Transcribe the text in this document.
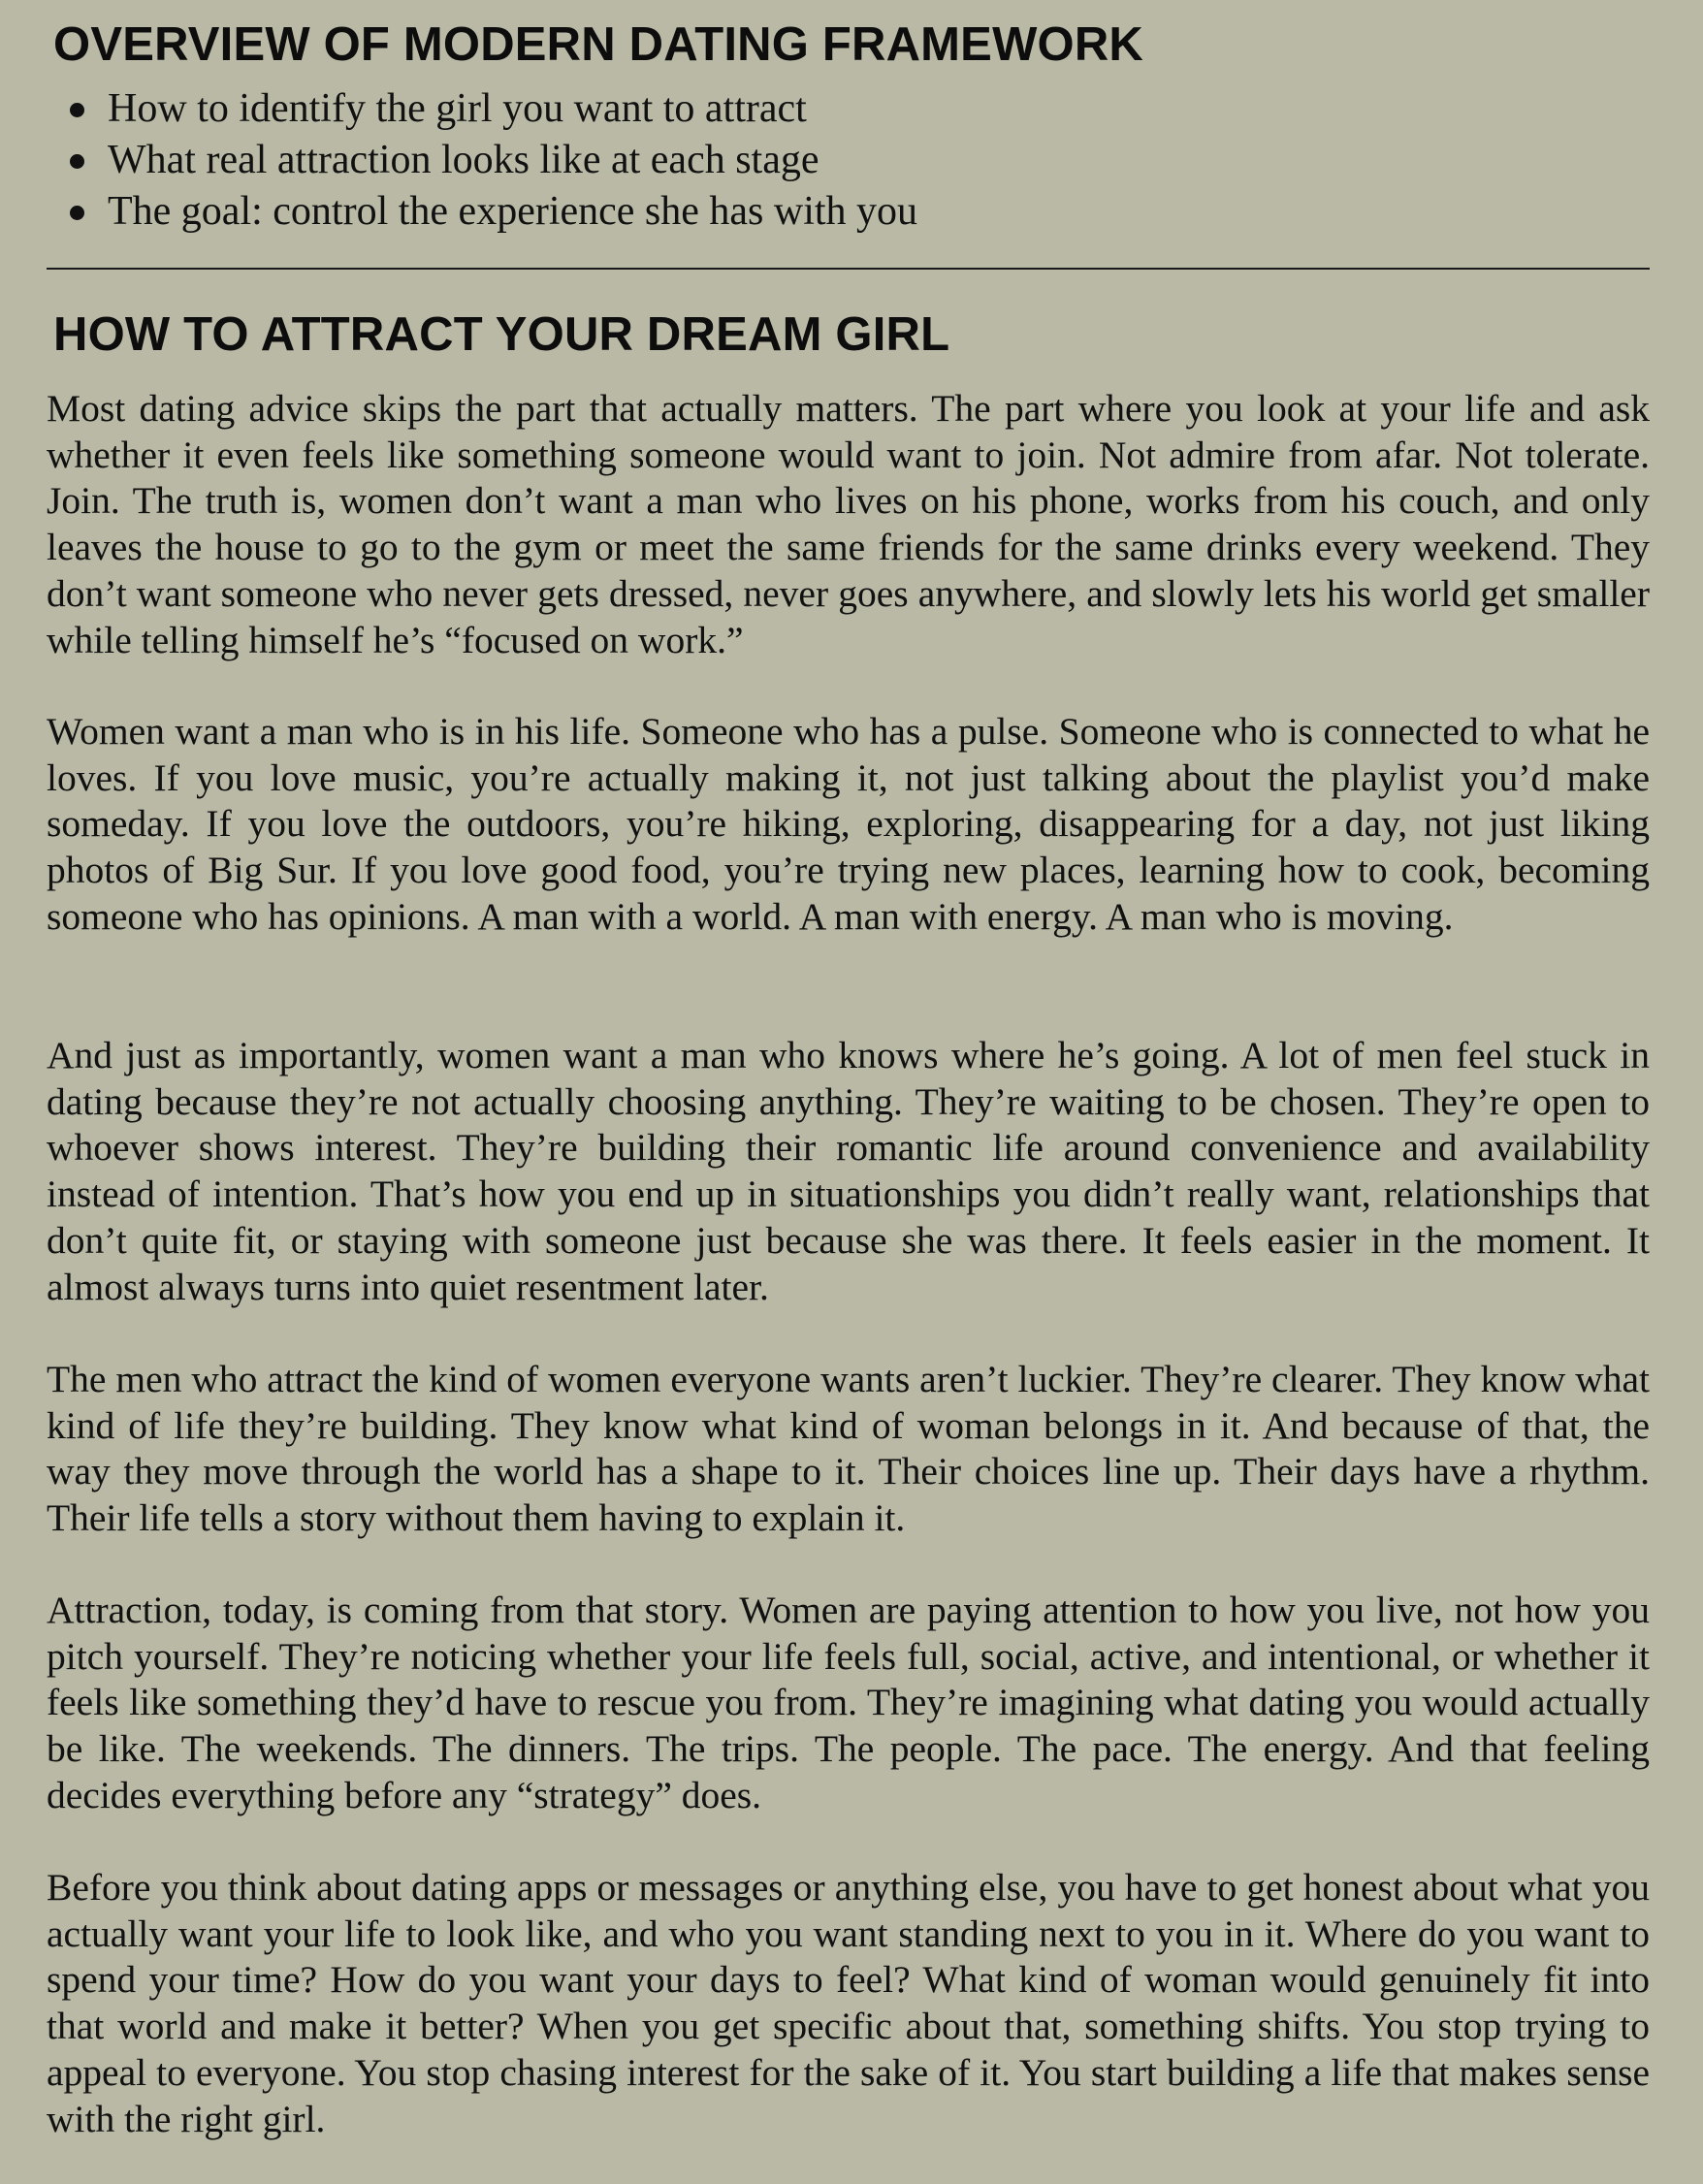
OVERVIEW OF MODERN DATING FRAMEWORK
How to identify the girl you want to attract
What real attraction looks like at each stage
The goal: control the experience she has with you
HOW TO ATTRACT YOUR DREAM GIRL

Most dating advice skips the part that actually matters. The part where you look at your life and ask whether it even feels like something someone would want to join. Not admire from afar. Not tolerate. Join. The truth is, women don’t want a man who lives on his phone, works from his couch, and only leaves the house to go to the gym or meet the same friends for the same drinks every weekend. They don’t want someone who never gets dressed, never goes anywhere, and slowly lets his world get smaller while telling himself he’s “focused on work.”

Women want a man who is in his life. Someone who has a pulse. Someone who is connected to what he loves. If you love music, you’re actually making it, not just talking about the playlist you’d make someday. If you love the outdoors, you’re hiking, exploring, disappearing for a day, not just liking photos of Big Sur. If you love good food, you’re trying new places, learning how to cook, becoming someone who has opinions. A man with a world. A man with energy. A man who is moving.

And just as importantly, women want a man who knows where he’s going. A lot of men feel stuck in dating because they’re not actually choosing anything. They’re waiting to be chosen. They’re open to whoever shows interest. They’re building their romantic life around convenience and availability instead of intention. That’s how you end up in situationships you didn’t really want, relationships that don’t quite fit, or staying with someone just because she was there. It feels easier in the moment. It almost always turns into quiet resentment later.

The men who attract the kind of women everyone wants aren’t luckier. They’re clearer. They know what kind of life they’re building. They know what kind of woman belongs in it. And because of that, the way they move through the world has a shape to it. Their choices line up. Their days have a rhythm. Their life tells a story without them having to explain it.

Attraction, today, is coming from that story. Women are paying attention to how you live, not how you pitch yourself. They’re noticing whether your life feels full, social, active, and intentional, or whether it feels like something they’d have to rescue you from. They’re imagining what dating you would actually be like. The weekends. The dinners. The trips. The people. The pace. The energy. And that feeling decides everything before any “strategy” does.

Before you think about dating apps or messages or anything else, you have to get honest about what you actually want your life to look like, and who you want standing next to you in it. Where do you want to spend your time? How do you want your days to feel? What kind of woman would genuinely fit into that world and make it better? When you get specific about that, something shifts. You stop trying to appeal to everyone. You stop chasing interest for the sake of it. You start building a life that makes sense with the right girl.
